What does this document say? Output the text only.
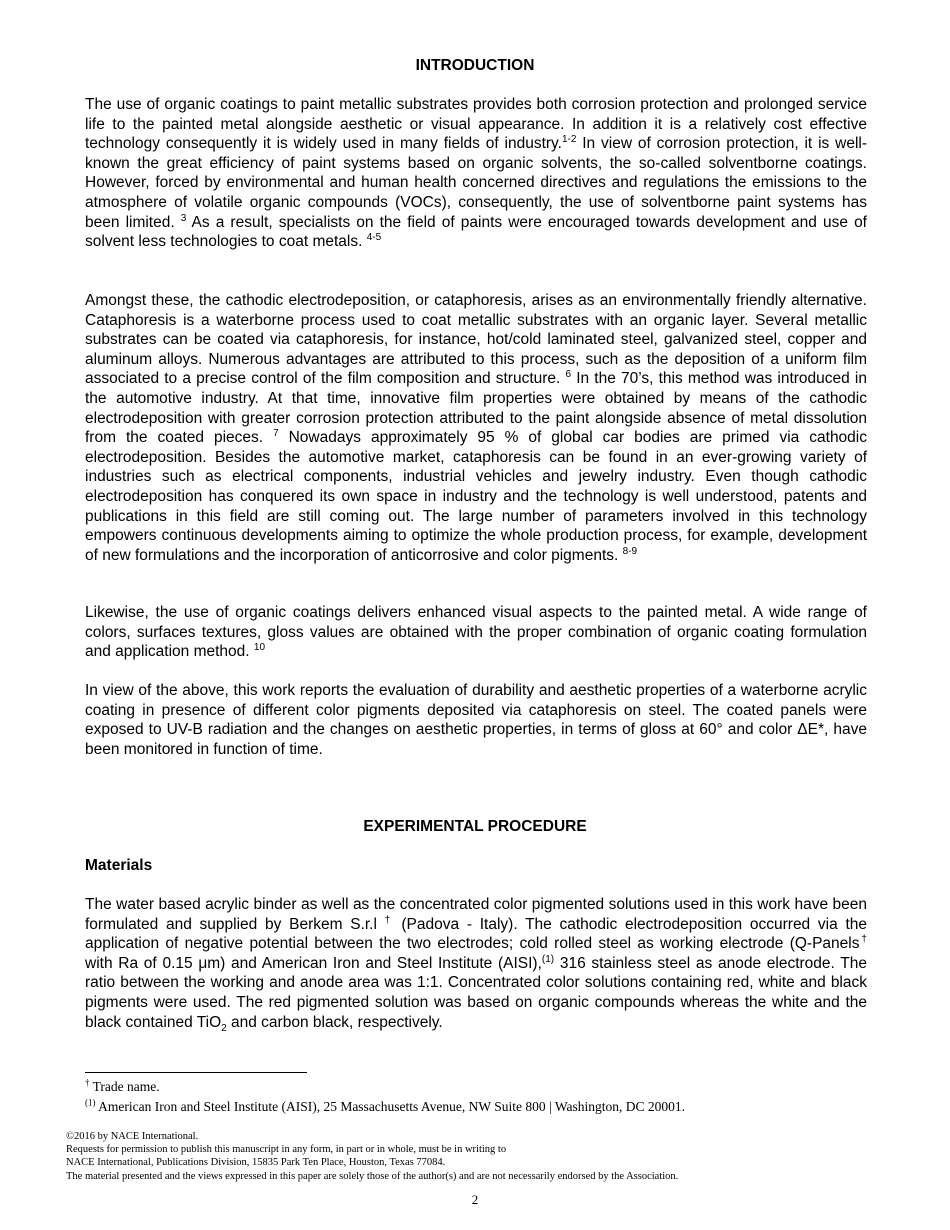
INTRODUCTION

The use of organic coatings to paint metallic substrates provides both corrosion protection and prolonged service life to the painted metal alongside aesthetic or visual appearance. In addition it is a relatively cost effective technology consequently it is widely used in many fields of industry.$^{1-2}$ In view of corrosion protection, it is well-known the great efficiency of paint systems based on organic solvents, the so-called solventborne coatings. However, forced by environmental and human health concerned directives and regulations the emissions to the atmosphere of volatile organic compounds (VOCs), consequently, the use of solventborne paint systems has been limited. $^3$ As a result, specialists on the field of paints were encouraged towards development and use of solvent less technologies to coat metals. $^{4-5}$

Amongst these, the cathodic electrodeposition, or cataphoresis, arises as an environmentally friendly alternative. Cataphoresis is a waterborne process used to coat metallic substrates with an organic layer. Several metallic substrates can be coated via cataphoresis, for instance, hot/cold laminated steel, galvanized steel, copper and aluminum alloys. Numerous advantages are attributed to this process, such as the deposition of a uniform film associated to a precise control of the film composition and structure. $^6$ In the 70’s, this method was introduced in the automotive industry. At that time, innovative film properties were obtained by means of the cathodic electrodeposition with greater corrosion protection attributed to the paint alongside absence of metal dissolution from the coated pieces. $^7$ Nowadays approximately 95 % of global car bodies are primed via cathodic electrodeposition. Besides the automotive market, cataphoresis can be found in an ever-growing variety of industries such as electrical components, industrial vehicles and jewelry industry. Even though cathodic electrodeposition has conquered its own space in industry and the technology is well understood, patents and publications in this field are still coming out. The large number of parameters involved in this technology empowers continuous developments aiming to optimize the whole production process, for example, development of new formulations and the incorporation of anticorrosive and color pigments. $^{8-9}$

Likewise, the use of organic coatings delivers enhanced visual aspects to the painted metal. A wide range of colors, surfaces textures, gloss values are obtained with the proper combination of organic coating formulation and application method. $^{10}$

In view of the above, this work reports the evaluation of durability and aesthetic properties of a waterborne acrylic coating in presence of different color pigments deposited via cataphoresis on steel. The coated panels were exposed to UV-B radiation and the changes on aesthetic properties, in terms of gloss at 60° and color ΔE*, have been monitored in function of time.

EXPERIMENTAL PROCEDURE
Materials

The water based acrylic binder as well as the concentrated color pigmented solutions used in this work have been formulated and supplied by Berkem S.r.l † (Padova - Italy). The cathodic electrodeposition occurred via the application of negative potential between the two electrodes; cold rolled steel as working electrode (Q-Panels† with Ra of 0.15 μm) and American Iron and Steel Institute (AISI),$^{(1)}$ 316 stainless steel as anode electrode. The ratio between the working and anode area was 1:1. Concentrated color solutions containing red, white and black pigments were used. The red pigmented solution was based on organic compounds whereas the white and the black contained TiO$_2$ and carbon black, respectively.

† Trade name.

$^{(1)}$ American Iron and Steel Institute (AISI), 25 Massachusetts Avenue, NW Suite 800 | Washington, DC 20001.

©2016 by NACE International.
Requests for permission to publish this manuscript in any form, in part or in whole, must be in writing to
NACE International, Publications Division, 15835 Park Ten Place, Houston, Texas 77084.
The material presented and the views expressed in this paper are solely those of the author(s) and are not necessarily endorsed by the Association.

2
